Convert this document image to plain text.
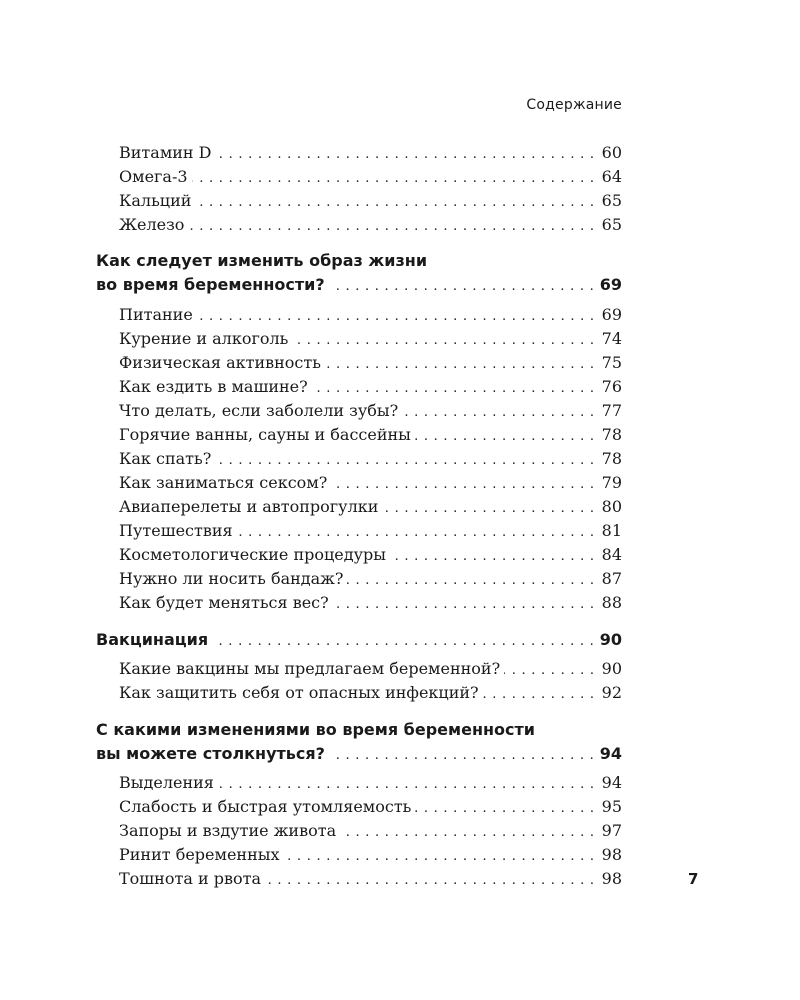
Содержание
Витамин D . . .	60
Омега-3 . . .	64
Кальций . . .	65
Железо . . .	65
Как следует изменить образ жизни
во время беременности? . . .	69
Питание . . .	69
Курение и алкоголь . . .	74
Физическая активность . . .	75
Как ездить в машине? . . .	76
Что делать, если заболели зубы? . . .	77
Горячие ванны, сауны и бассейны . . .	78
Как спать? . . .	78
Как заниматься сексом? . . .	79
Авиаперелеты и автопрогулки . . .	80
Путешествия . . .	81
Косметологические процедуры . . .	84
Нужно ли носить бандаж? . . .	87
Как будет меняться вес? . . .	88
Вакцинация . . .	90
Какие вакцины мы предлагаем беременной? . . .	90
Как защитить себя от опасных инфекций? . . .	92
С какими изменениями во время беременности
вы можете столкнуться? . . .	94
Выделения . . .	94
Слабость и быстрая утомляемость . . .	95
Запоры и вздутие живота . . .	97
Ринит беременных . . .	98
Тошнота и рвота . . .	98	7
